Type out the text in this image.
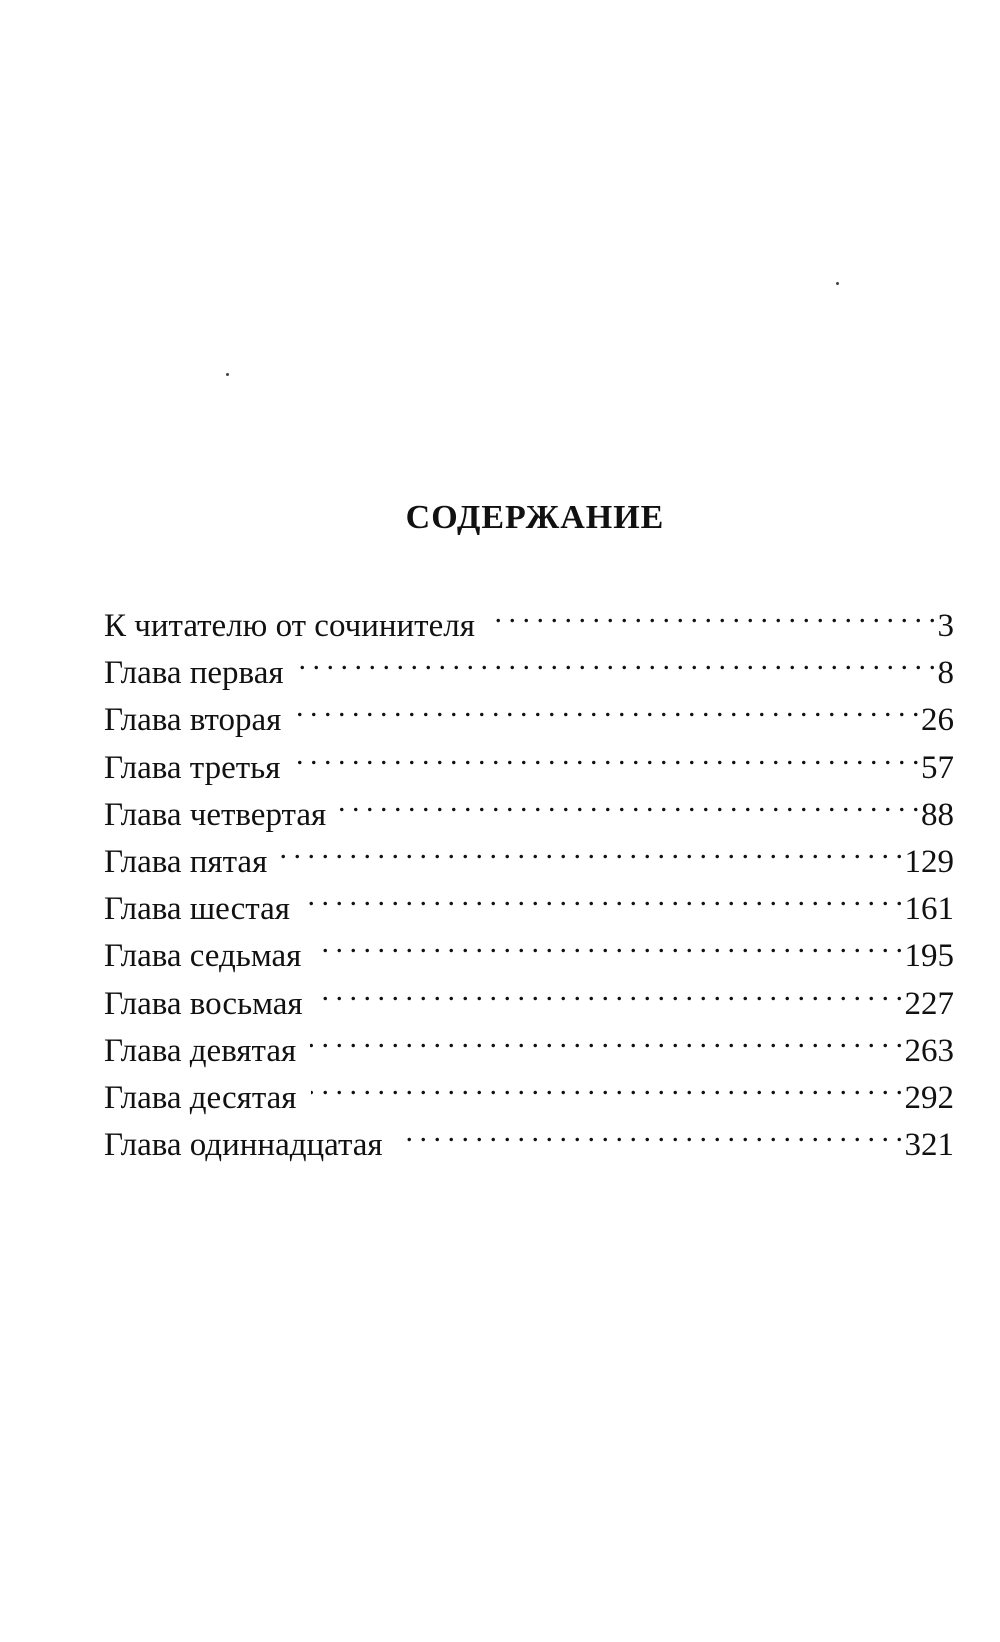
СОДЕРЖАНИЕ
К читателю от сочинителя . . .	3
Глава первая . . .	8
Глава вторая . . .	26
Глава третья . . .	57
Глава четвертая . . .	88
Глава пятая . . .	129
Глава шестая . . .	161
Глава седьмая . . .	195
Глава восьмая . . .	227
Глава девятая . . .	263
Глава десятая . . .	292
Глава одиннадцатая . . .	321
